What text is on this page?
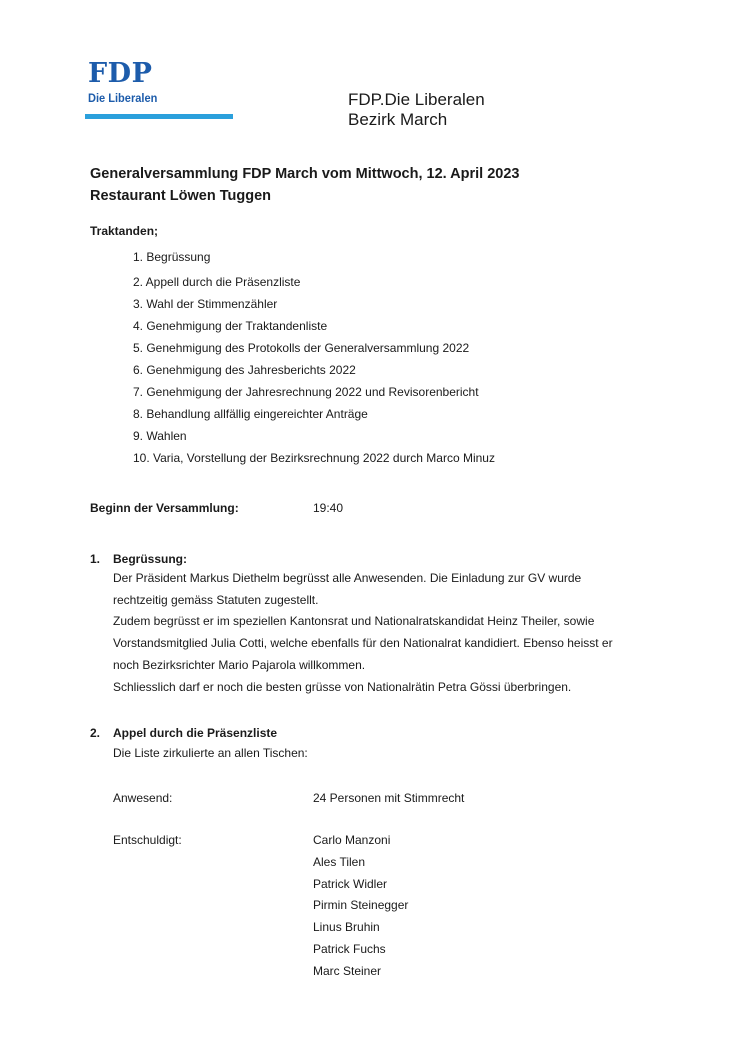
FDP
Die Liberalen	FDP.Die Liberalen
Bezirk March
Generalversammlung FDP March vom Mittwoch, 12. April 2023
Restaurant Löwen Tuggen
Traktanden;
1. Begrüssung
2. Appell durch die Präsenzliste
3. Wahl der Stimmenzähler
4. Genehmigung der Traktandenliste
5. Genehmigung des Protokolls der Generalversammlung 2022
6. Genehmigung des Jahresberichts 2022
7. Genehmigung der Jahresrechnung 2022 und Revisorenbericht
8. Behandlung allfällig eingereichter Anträge
9. Wahlen
10. Varia, Vorstellung der Bezirksrechnung 2022 durch Marco Minuz
Beginn der Versammlung:	19:40
1. Begrüssung:
Der Präsident Markus Diethelm begrüsst alle Anwesenden. Die Einladung zur GV wurde
rechtzeitig gemäss Statuten zugestellt.
Zudem begrüsst er im speziellen Kantonsrat und Nationalratskandidat Heinz Theiler, sowie
Vorstandsmitglied Julia Cotti, welche ebenfalls für den Nationalrat kandidiert. Ebenso heisst er
noch Bezirksrichter Mario Pajarola willkommen.
Schliesslich darf er noch die besten grüsse von Nationalrätin Petra Gössi überbringen.
2. Appel durch die Präsenzliste
Die Liste zirkulierte an allen Tischen:
Anwesend:	24 Personen mit Stimmrecht
Entschuldigt:	Carlo Manzoni
Ales Tilen
Patrick Widler
Pirmin Steinegger
Linus Bruhin
Patrick Fuchs
Marc Steiner
